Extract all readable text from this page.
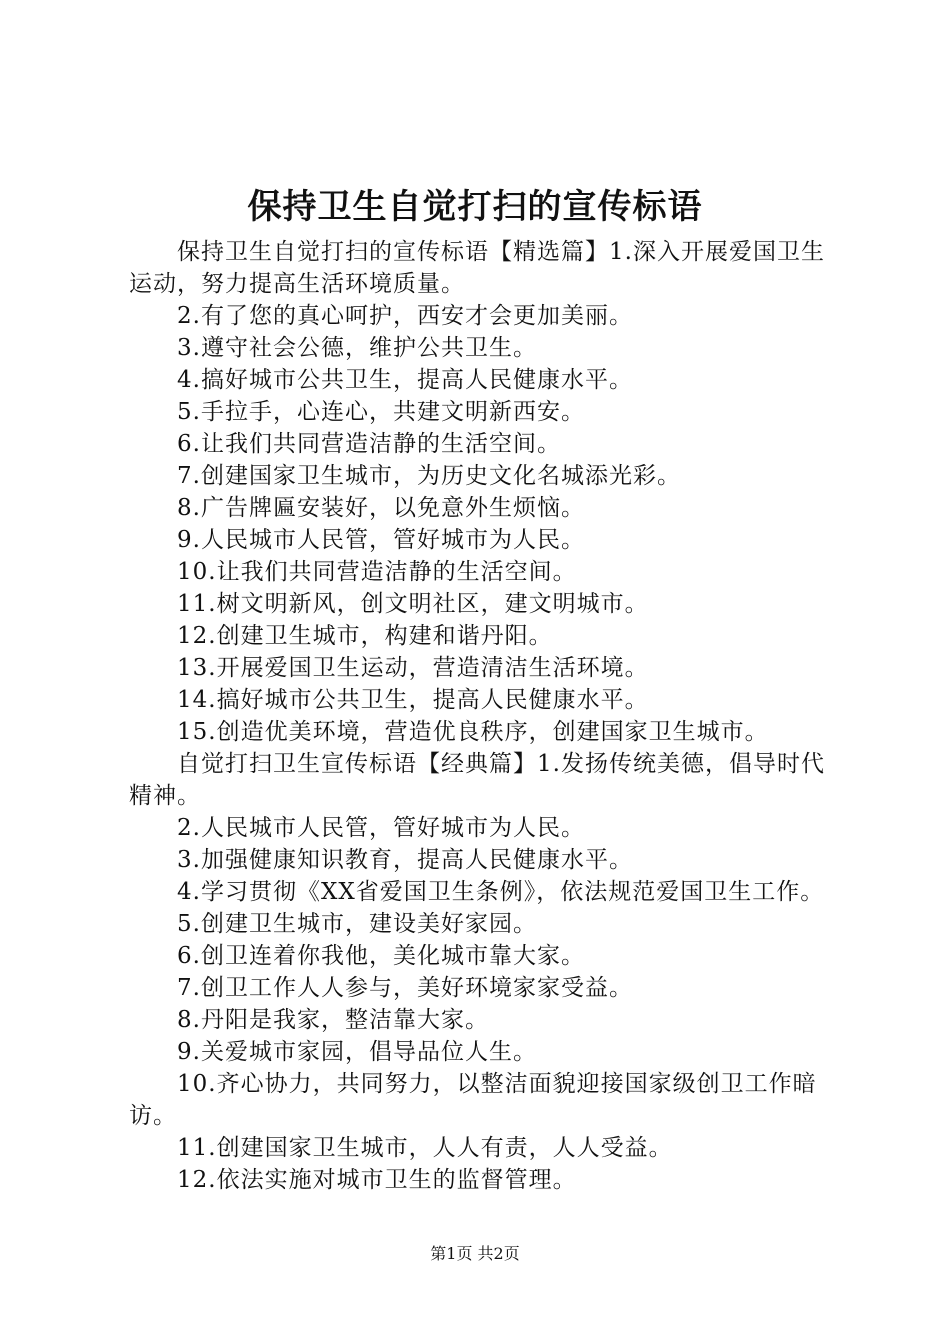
保持卫生自觉打扫的宣传标语

保持卫生自觉打扫的宣传标语【精选篇】1.深入开展爱国卫生运动，努力提高生活环境质量。

2.有了您的真心呵护，西安才会更加美丽。

3.遵守社会公德，维护公共卫生。

4.搞好城市公共卫生，提高人民健康水平。

5.手拉手，心连心，共建文明新西安。

6.让我们共同营造洁静的生活空间。

7.创建国家卫生城市，为历史文化名城添光彩。

8.广告牌匾安装好，以免意外生烦恼。

9.人民城市人民管，管好城市为人民。

10.让我们共同营造洁静的生活空间。

11.树文明新风，创文明社区，建文明城市。

12.创建卫生城市，构建和谐丹阳。

13.开展爱国卫生运动，营造清洁生活环境。

14.搞好城市公共卫生，提高人民健康水平。

15.创造优美环境，营造优良秩序，创建国家卫生城市。

自觉打扫卫生宣传标语【经典篇】1.发扬传统美德，倡导时代精神。

2.人民城市人民管，管好城市为人民。

3.加强健康知识教育，提高人民健康水平。

4.学习贯彻《XX省爱国卫生条例》，依法规范爱国卫生工作。

5.创建卫生城市，建设美好家园。

6.创卫连着你我他，美化城市靠大家。

7.创卫工作人人参与，美好环境家家受益。

8.丹阳是我家，整洁靠大家。

9.关爱城市家园，倡导品位人生。

10.齐心协力，共同努力，以整洁面貌迎接国家级创卫工作暗访。

11.创建国家卫生城市，人人有责，人人受益。

12.依法实施对城市卫生的监督管理。

第1页 共2页
